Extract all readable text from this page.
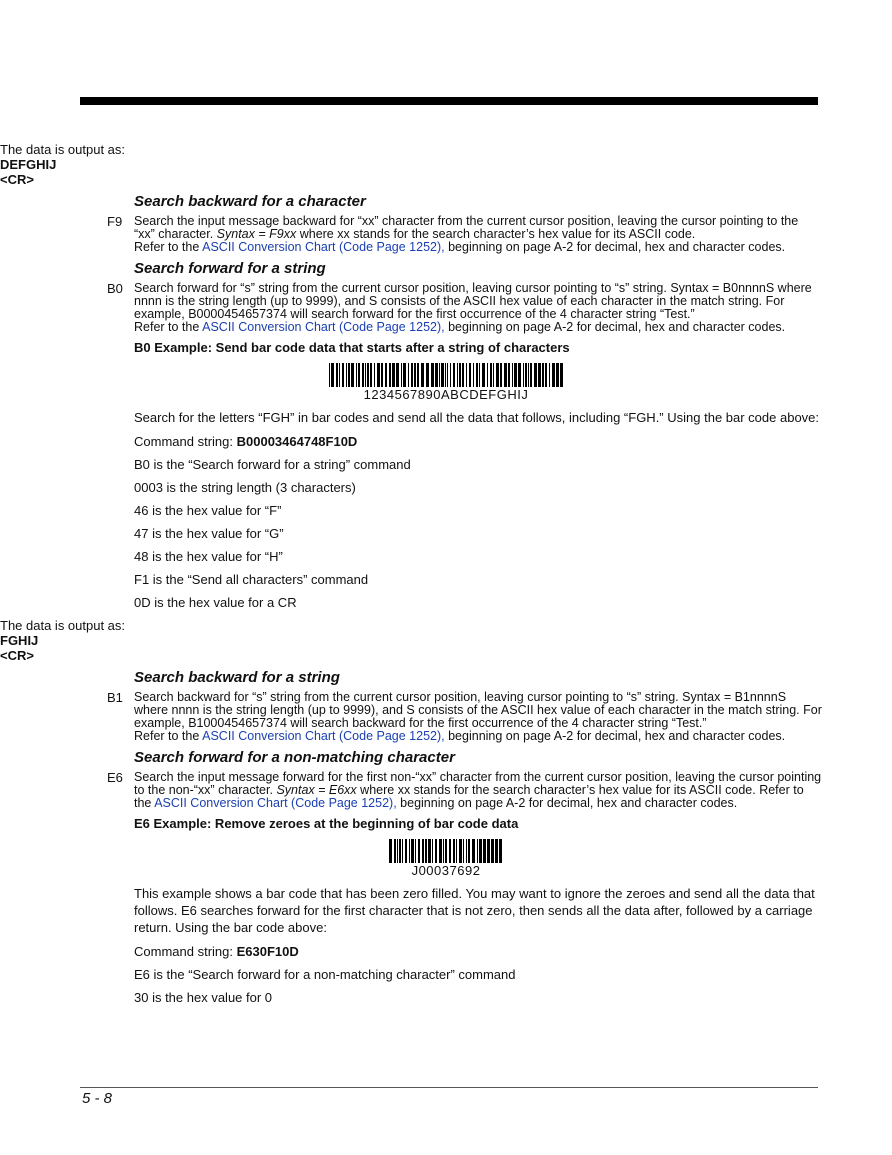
The data is output as:

DEFGHIJ

<CR>

Search backward for a character
F9 Search the input message backward for “xx” character from the current cursor position, leaving the cursor pointing to the “xx” character. Syntax = F9xx where xx stands for the search character’s hex value for its ASCII code.
Refer to the ASCII Conversion Chart (Code Page 1252), beginning on page A-2 for decimal, hex and character codes.
Search forward for a string
B0 Search forward for “s” string from the current cursor position, leaving cursor pointing to “s” string. Syntax = B0nnnnS where nnnn is the string length (up to 9999), and S consists of the ASCII hex value of each character in the match string. For example, B0000454657374 will search forward for the first occurrence of the 4 character string “Test.”
Refer to the ASCII Conversion Chart (Code Page 1252), beginning on page A-2 for decimal, hex and character codes.
B0 Example: Send bar code data that starts after a string of characters
1234567890ABCDEFGHIJ
Search for the letters “FGH” in bar codes and send all the data that follows, including “FGH.” Using the bar code above:
Command string: B00003464748F10D
B0 is the “Search forward for a string” command
0003 is the string length (3 characters)
46 is the hex value for “F”
47 is the hex value for “G”
48 is the hex value for “H”
F1 is the “Send all characters” command
0D is the hex value for a CR

The data is output as:

FGHIJ

<CR>

Search backward for a string
B1 Search backward for “s” string from the current cursor position, leaving cursor pointing to “s” string. Syntax = B1nnnnS where nnnn is the string length (up to 9999), and S consists of the ASCII hex value of each character in the match string. For example, B1000454657374 will search backward for the first occurrence of the 4 character string “Test.”
Refer to the ASCII Conversion Chart (Code Page 1252), beginning on page A-2 for decimal, hex and character codes.
Search forward for a non-matching character
E6 Search the input message forward for the first non-“xx” character from the current cursor position, leaving the cursor pointing to the non-“xx” character. Syntax = E6xx where xx stands for the search character’s hex value for its ASCII code. Refer to the ASCII Conversion Chart (Code Page 1252), beginning on page A-2 for decimal, hex and character codes.
E6 Example: Remove zeroes at the beginning of bar code data
J00037692
This example shows a bar code that has been zero filled. You may want to ignore the zeroes and send all the data that follows. E6 searches forward for the first character that is not zero, then sends all the data after, followed by a carriage return. Using the bar code above:
Command string: E630F10D
E6 is the “Search forward for a non-matching character” command
30 is the hex value for 0
5 - 8
